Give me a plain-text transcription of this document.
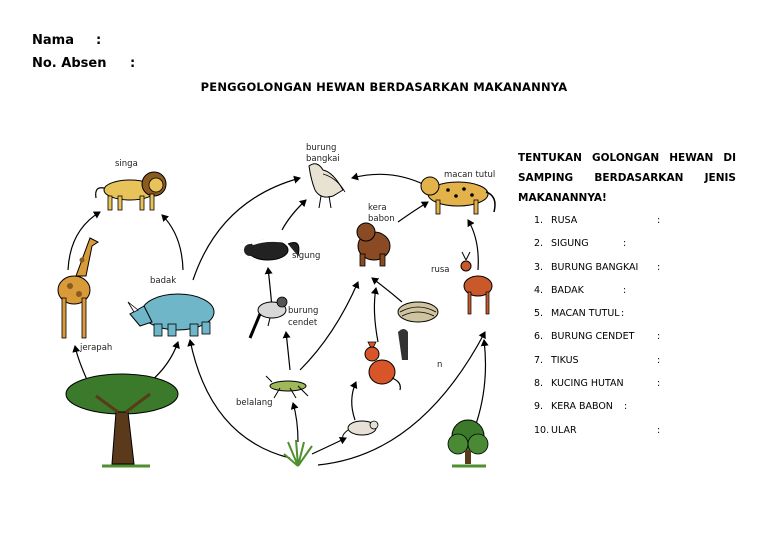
Nama :
No. Absen :
PENGGOLONGAN HEWAN BERDASARKAN MAKANANNYA
TENTUKAN GOLONGAN HEWAN DI SAMPING BERDASARKAN JENIS MAKANANNYA!
1. RUSA	:
2. SIGUNG	:
3. BURUNG BANGKAI :
4. BADAK	:
5. MACAN TUTUL :
6. BURUNG CENDET :
7. TIKUS	:
8. KUCING HUTAN	:
9. KERA BABON :
10. ULAR	:
singa
jerapah
badak
burung
bangkai
macan tutul
kera
babon
rusa
sigung
burung
cendet
n
belalang
